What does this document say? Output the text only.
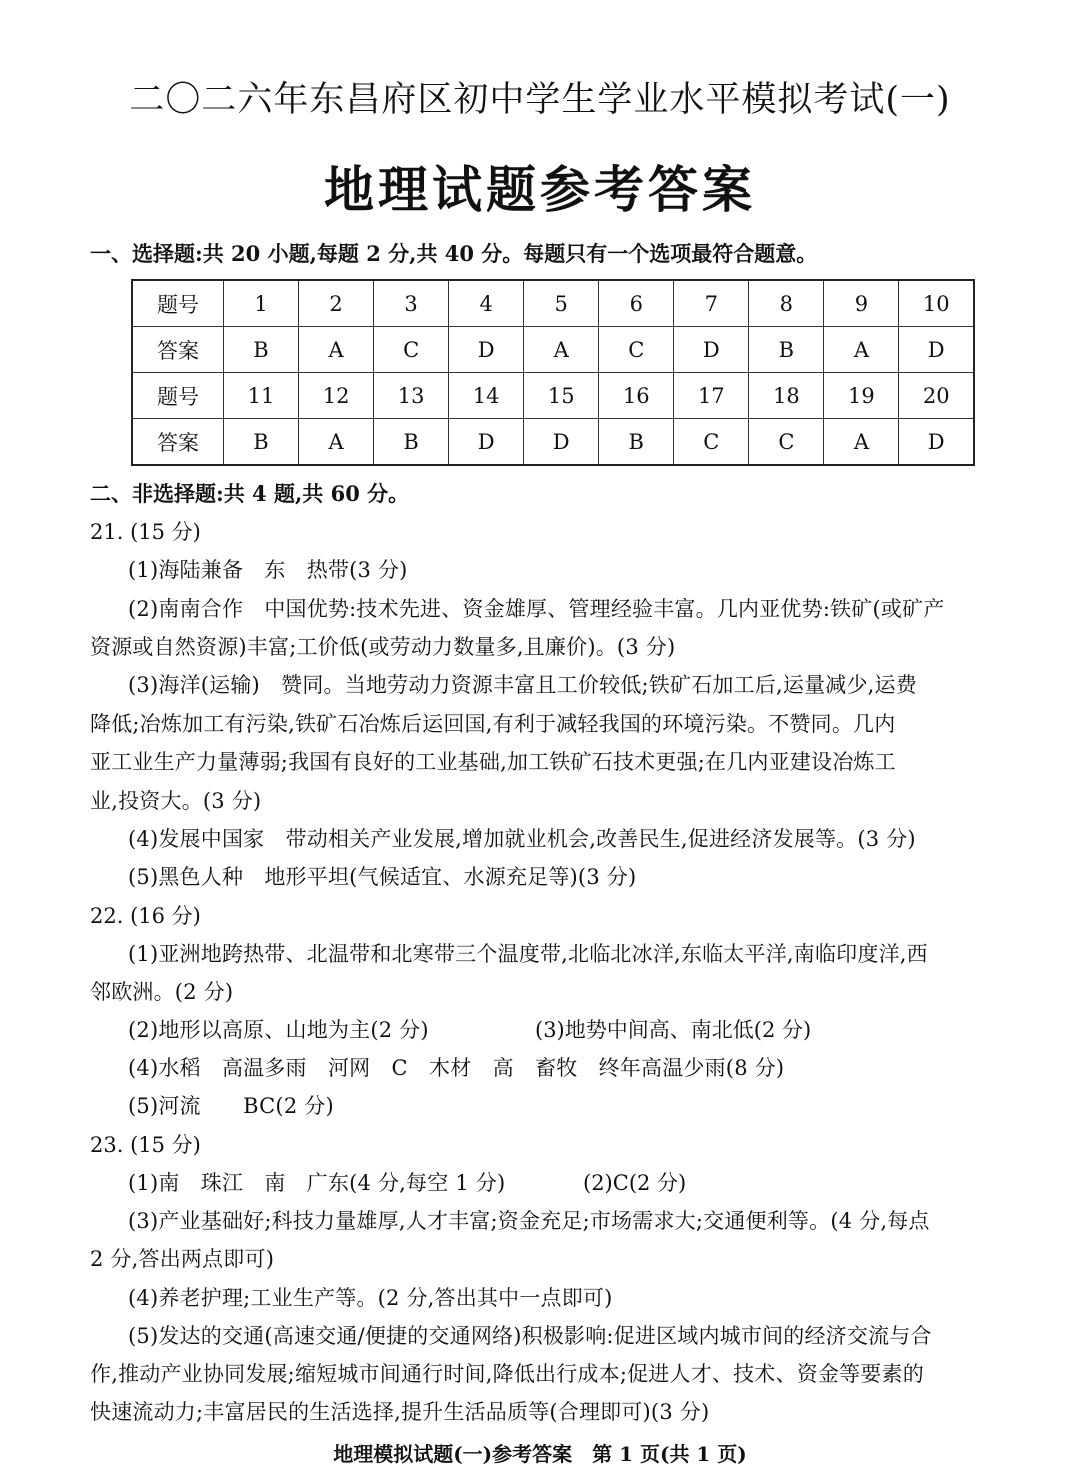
二〇二六年东昌府区初中学生学业水平模拟考试(一)
地理试题参考答案
一、选择题:共 20 小题,每题 2 分,共 40 分。每题只有一个选项最符合题意。
题号	1	2	3	4	5	6	7	8	9	10
答案	B	A	C	D	A	C	D	B	A	D
题号	11	12	13	14	15	16	17	18	19	20
答案	B	A	B	D	D	B	C	C	A	D
二、非选择题:共 4 题,共 60 分。
21. (15 分)
(1)海陆兼备　东　热带(3 分)
(2)南南合作　中国优势:技术先进、资金雄厚、管理经验丰富。几内亚优势:铁矿(或矿产
资源或自然资源)丰富;工价低(或劳动力数量多,且廉价)。(3 分)
(3)海洋(运输)　赞同。当地劳动力资源丰富且工价较低;铁矿石加工后,运量减少,运费
降低;冶炼加工有污染,铁矿石冶炼后运回国,有利于减轻我国的环境污染。不赞同。几内
亚工业生产力量薄弱;我国有良好的工业基础,加工铁矿石技术更强;在几内亚建设冶炼工
业,投资大。(3 分)
(4)发展中国家　带动相关产业发展,增加就业机会,改善民生,促进经济发展等。(3 分)
(5)黑色人种　地形平坦(气候适宜、水源充足等)(3 分)
22. (16 分)
(1)亚洲地跨热带、北温带和北寒带三个温度带,北临北冰洋,东临太平洋,南临印度洋,西
邻欧洲。(2 分)
(2)地形以高原、山地为主(2 分)	(3)地势中间高、南北低(2 分)
(4)水稻　高温多雨　河网　C　木材　高　畜牧　终年高温少雨(8 分)
(5)河流　　BC(2 分)
23. (15 分)
(1)南　珠江　南　广东(4 分,每空 1 分)	(2)C(2 分)
(3)产业基础好;科技力量雄厚,人才丰富;资金充足;市场需求大;交通便利等。(4 分,每点
2 分,答出两点即可)
(4)养老护理;工业生产等。(2 分,答出其中一点即可)
(5)发达的交通(高速交通/便捷的交通网络)积极影响:促进区域内城市间的经济交流与合
作,推动产业协同发展;缩短城市间通行时间,降低出行成本;促进人才、技术、资金等要素的
快速流动力;丰富居民的生活选择,提升生活品质等(合理即可)(3 分)
地理模拟试题(一)参考答案　第 1 页(共 1 页)
